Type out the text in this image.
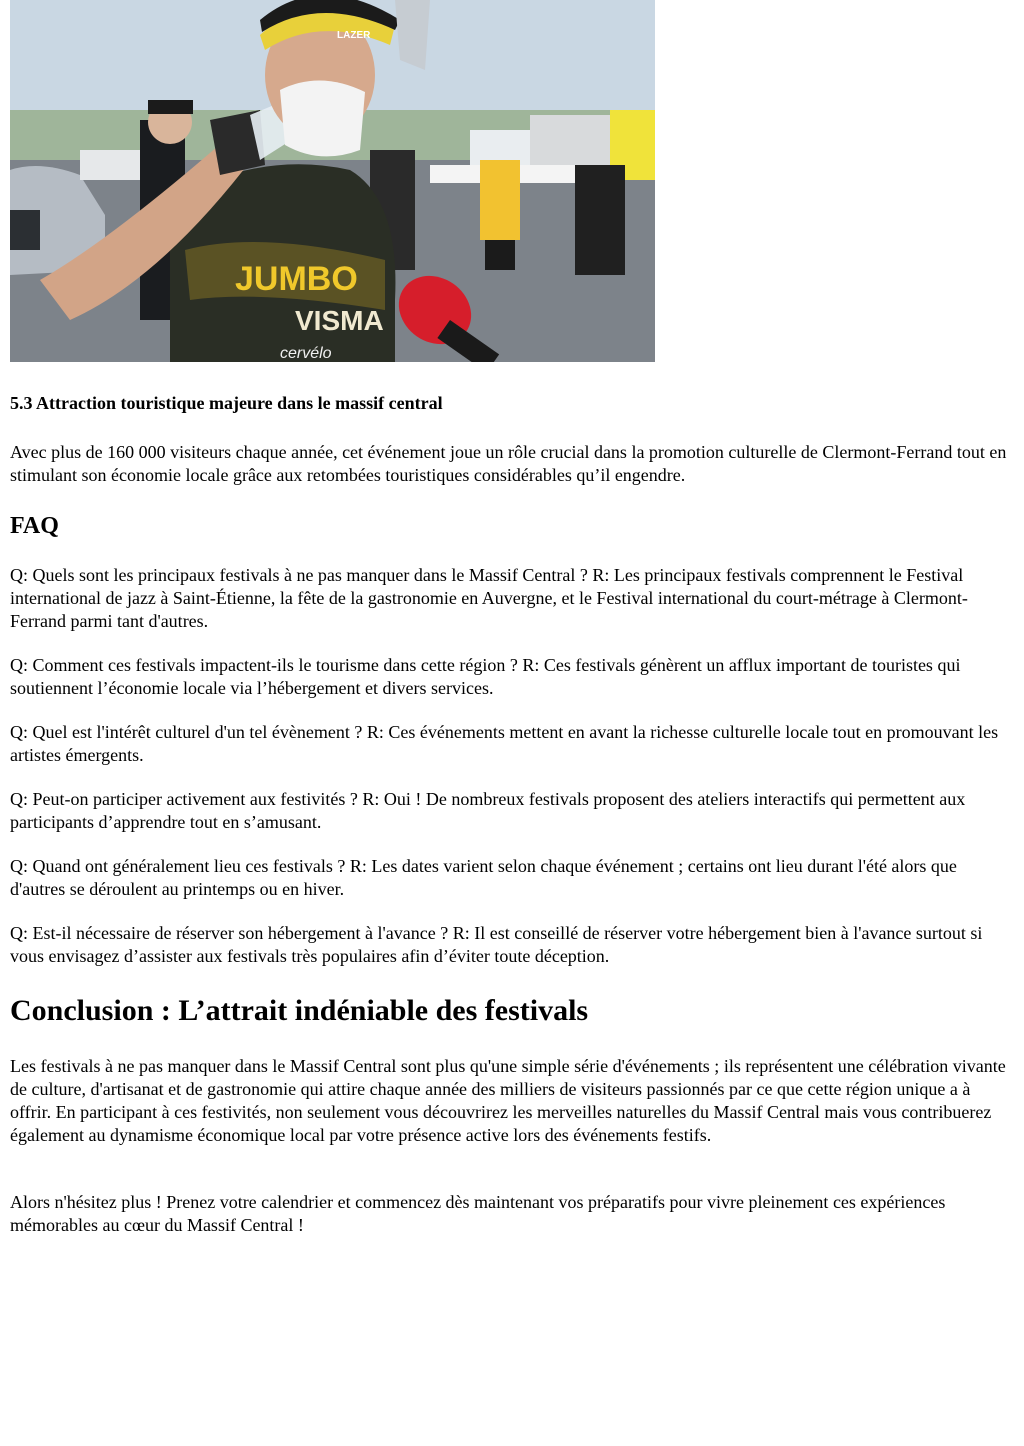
JUMBO
VISMA
cervélo
LAZER
5.3 Attraction touristique majeure dans le massif central

Avec plus de 160 000 visiteurs chaque année, cet événement joue un rôle crucial dans la promotion culturelle de Clermont-Ferrand tout en stimulant son économie locale grâce aux retombées touristiques considérables qu’il engendre.

FAQ

Q: Quels sont les principaux festivals à ne pas manquer dans le Massif Central ? R: Les principaux festivals comprennent le Festival international de jazz à Saint-Étienne, la fête de la gastronomie en Auvergne, et le Festival international du court-métrage à Clermont-Ferrand parmi tant d'autres.

Q: Comment ces festivals impactent-ils le tourisme dans cette région ? R: Ces festivals génèrent un afflux important de touristes qui soutiennent l’économie locale via l’hébergement et divers services.

Q: Quel est l'intérêt culturel d'un tel évènement ? R: Ces événements mettent en avant la richesse culturelle locale tout en promouvant les artistes émergents.

Q: Peut-on participer activement aux festivités ? R: Oui ! De nombreux festivals proposent des ateliers interactifs qui permettent aux participants d’apprendre tout en s’amusant.

Q: Quand ont généralement lieu ces festivals ? R: Les dates varient selon chaque événement ; certains ont lieu durant l'été alors que d'autres se déroulent au printemps ou en hiver.

Q: Est-il nécessaire de réserver son hébergement à l'avance ? R: Il est conseillé de réserver votre hébergement bien à l'avance surtout si vous envisagez d’assister aux festivals très populaires afin d’éviter toute déception.

Conclusion : L’attrait indéniable des festivals

Les festivals à ne pas manquer dans le Massif Central sont plus qu'une simple série d'événements ; ils représentent une célébration vivante de culture, d'artisanat et de gastronomie qui attire chaque année des milliers de visiteurs passionnés par ce que cette région unique a à offrir. En participant à ces festivités, non seulement vous découvrirez les merveilles naturelles du Massif Central mais vous contribuerez également au dynamisme économique local par votre présence active lors des événements festifs.

Alors n'hésitez plus ! Prenez votre calendrier et commencez dès maintenant vos préparatifs pour vivre pleinement ces expériences mémorables au cœur du Massif Central !
